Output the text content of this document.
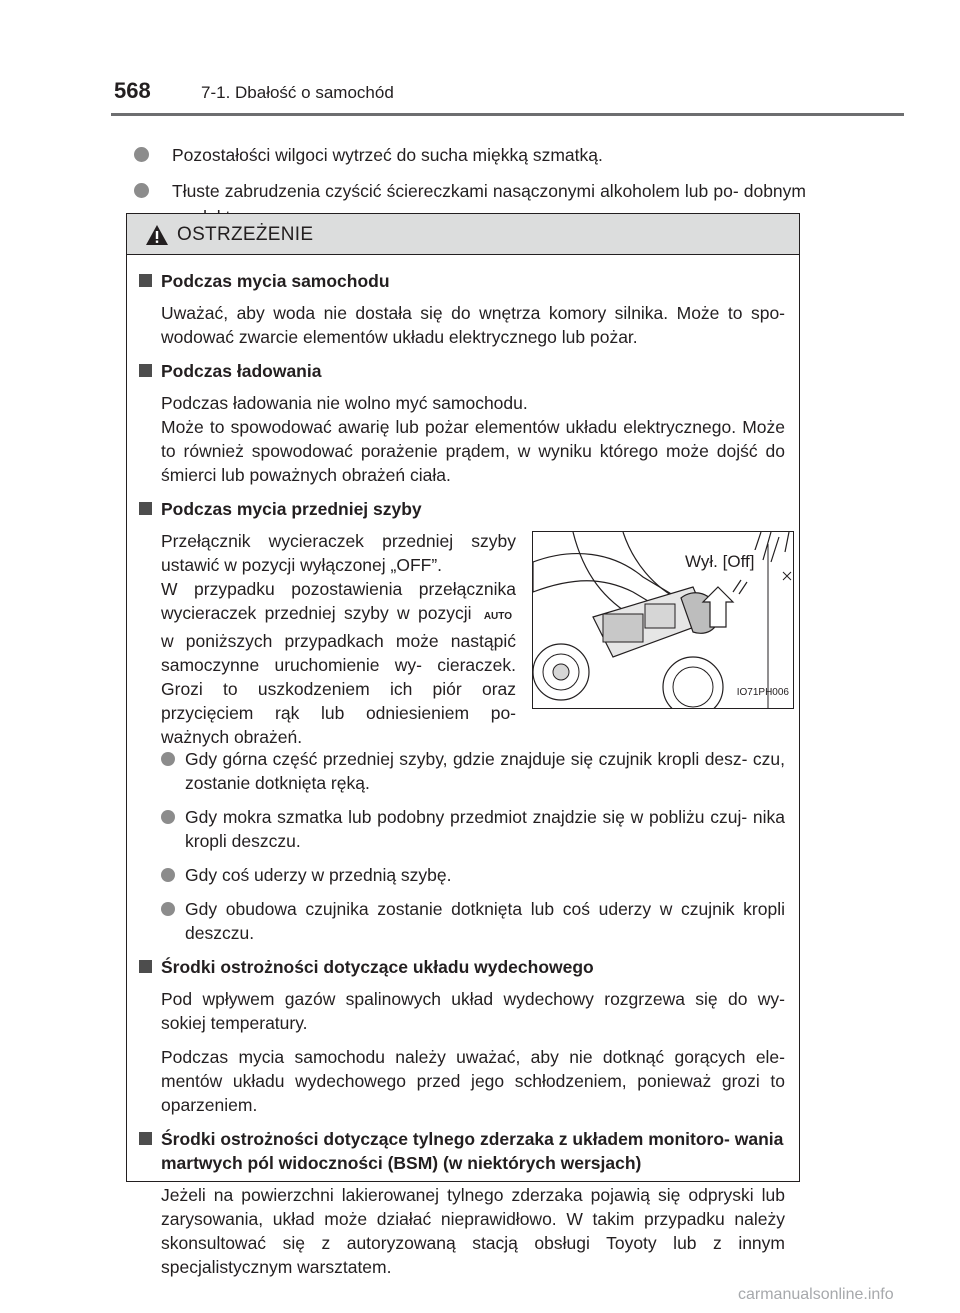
568	7-1. Dbałość o samochód
Pozostałości wilgoci wytrzeć do sucha miękką szmatką.
Tłuste zabrudzenia czyścić ściereczkami nasączonymi alkoholem lub po- dobnym
OSTRZEŻENIE
Podczas mycia samochodu
Uważać, aby woda nie dostała się do wnętrza komory silnika. Może to spo- wodować zwarcie elementów układu elektrycznego lub pożar.
Podczas ładowania
Podczas ładowania nie wolno myć samochodu.
Może to spowodować awarię lub pożar elementów układu elektrycznego. Może to również spowodować porażenie prądem, w wyniku którego może dojść do śmierci lub poważnych obrażeń ciała.
Podczas mycia przedniej szyby
Przełącznik wycieraczek przedniej szyby ustawić w pozycji wyłączonej „OFF”.
W przypadku pozostawienia przełącznika wycieraczek przedniej szyby w pozycji AUTO w poniższych przypadkach może nastąpić samoczynne uruchomienie wy- cieraczek. Grozi to uszkodzeniem ich piór oraz przycięciem rąk lub odniesieniem po- ważnych obrażeń.
Wył. [Off]
IO71PH006
Gdy górna część przedniej szyby, gdzie znajduje się czujnik kropli desz- czu, zostanie dotknięta ręką.
Gdy mokra szmatka lub podobny przedmiot znajdzie się w pobliżu czuj- nika kropli deszczu.
Gdy coś uderzy w przednią szybę.
Gdy obudowa czujnika zostanie dotknięta lub coś uderzy w czujnik kropli deszczu.
Środki ostrożności dotyczące układu wydechowego
Pod wpływem gazów spalinowych układ wydechowy rozgrzewa się do wy- sokiej temperatury.
Podczas mycia samochodu należy uważać, aby nie dotknąć gorących ele- mentów układu wydechowego przed jego schłodzeniem, ponieważ grozi to oparzeniem.
Środki ostrożności dotyczące tylnego zderzaka z układem monitoro- wania martwych pól widoczności (BSM) (w niektórych wersjach)
Jeżeli na powierzchni lakierowanej tylnego zderzaka pojawią się odpryski lub zarysowania, układ może działać nieprawidłowo. W takim przypadku należy skonsultować się z autoryzowaną stacją obsługi Toyoty lub z innym specjalistycznym warsztatem.
carmanualsonline.info
